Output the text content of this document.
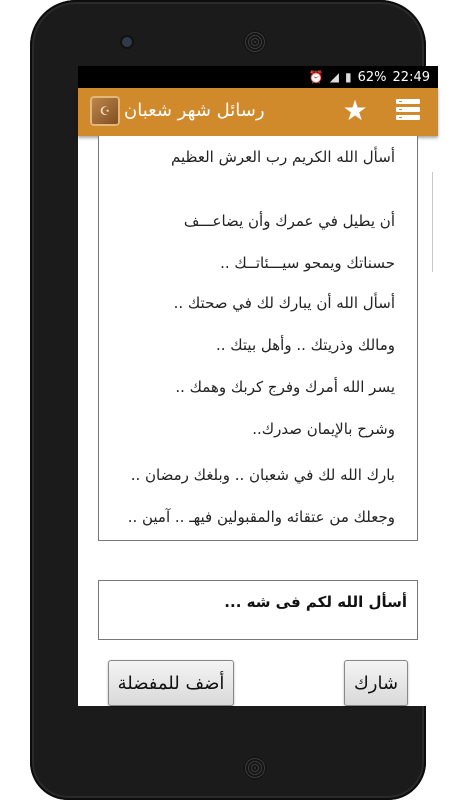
⏰ ◢ ▮ 62% 22:49
☪ رسائل شهر شعبان	★
أسأل الله الكريم رب العرش العظيم
أن يطيل في عمرك وأن يضاعـــف
حسناتك ويمحو سيـــئاتــك ..
أسأل الله أن يبارك لك في صحتك ..
ومالك وذريتك .. وأهل بيتك ..
يسر الله أمرك وفرج كربك وهمك ..
وشرح بالإيمان صدرك..
بارك الله لك في شعبان .. وبلغك رمضان ..
وجعلك من عتقائه والمقبولين فيهـ .. آمين ..
أسأل الله لكم فى شه ...
أضف للمفضلة	شارك
